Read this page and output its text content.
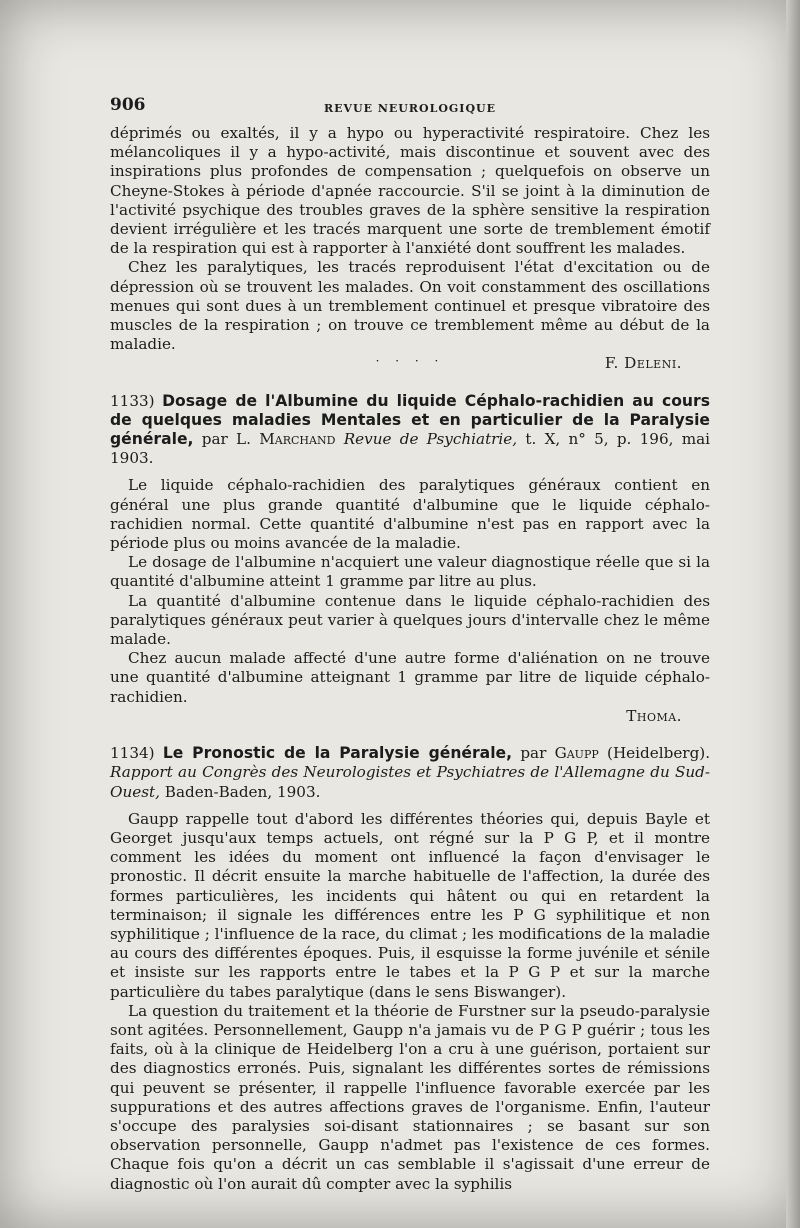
906	REVUE NEUROLOGIQUE

déprimés ou exaltés, il y a hypo ou hyperactivité respiratoire. Chez les mélancoliques il y a hypo-activité, mais discontinue et souvent avec des inspirations plus profondes de compensation ; quelquefois on observe un Cheyne-Stokes à période d'apnée raccourcie. S'il se joint à la diminution de l'activité psychique des troubles graves de la sphère sensitive la respiration devient irrégulière et les tracés marquent une sorte de tremblement émotif de la respiration qui est à rapporter à l'anxiété dont souffrent les malades.

Chez les paralytiques, les tracés reproduisent l'état d'excitation ou de dépression où se trouvent les malades. On voit constamment des oscillations menues qui sont dues à un tremblement continuel et presque vibratoire des muscles de la respiration ; on trouve ce tremblement même au début de la maladie.

· · · ·	F. Deleni.

1133) Dosage de l'Albumine du liquide Céphalo-rachidien au cours de quelques maladies Mentales et en particulier de la Paralysie générale, par L. Marchand Revue de Psychiatrie, t. X, n° 5, p. 196, mai 1903.

Le liquide céphalo-rachidien des paralytiques généraux contient en général une plus grande quantité d'albumine que le liquide céphalo-rachidien normal. Cette quantité d'albumine n'est pas en rapport avec la période plus ou moins avancée de la maladie.

Le dosage de l'albumine n'acquiert une valeur diagnostique réelle que si la quantité d'albumine atteint 1 gramme par litre au plus.

La quantité d'albumine contenue dans le liquide céphalo-rachidien des paralytiques généraux peut varier à quelques jours d'intervalle chez le même malade.

Chez aucun malade affecté d'une autre forme d'aliénation on ne trouve une quantité d'albumine atteignant 1 gramme par litre de liquide céphalo-rachidien.

Thoma.

1134) Le Pronostic de la Paralysie générale, par Gaupp (Heidelberg). Rapport au Congrès des Neurologistes et Psychiatres de l'Allemagne du Sud-Ouest, Baden-Baden, 1903.

Gaupp rappelle tout d'abord les différentes théories qui, depuis Bayle et Georget jusqu'aux temps actuels, ont régné sur la P G P, et il montre comment les idées du moment ont influencé la façon d'envisager le pronostic. Il décrit ensuite la marche habituelle de l'affection, la durée des formes particulières, les incidents qui hâtent ou qui en retardent la terminaison; il signale les différences entre les P G syphilitique et non syphilitique ; l'influence de la race, du climat ; les modifications de la maladie au cours des différentes époques. Puis, il esquisse la forme juvénile et sénile et insiste sur les rapports entre le tabes et la P G P et sur la marche particulière du tabes paralytique (dans le sens Biswanger).

La question du traitement et la théorie de Furstner sur la pseudo-paralysie sont agitées. Personnellement, Gaupp n'a jamais vu de P G P guérir ; tous les faits, où à la clinique de Heidelberg l'on a cru à une guérison, portaient sur des diagnostics erronés. Puis, signalant les différentes sortes de rémissions qui peuvent se présenter, il rappelle l'influence favorable exercée par les suppurations et des autres affections graves de l'organisme. Enfin, l'auteur s'occupe des paralysies soi-disant stationnaires ; se basant sur son observation personnelle, Gaupp n'admet pas l'existence de ces formes. Chaque fois qu'on a décrit un cas semblable il s'agissait d'une erreur de diagnostic où l'on aurait dû compter avec la syphilis
